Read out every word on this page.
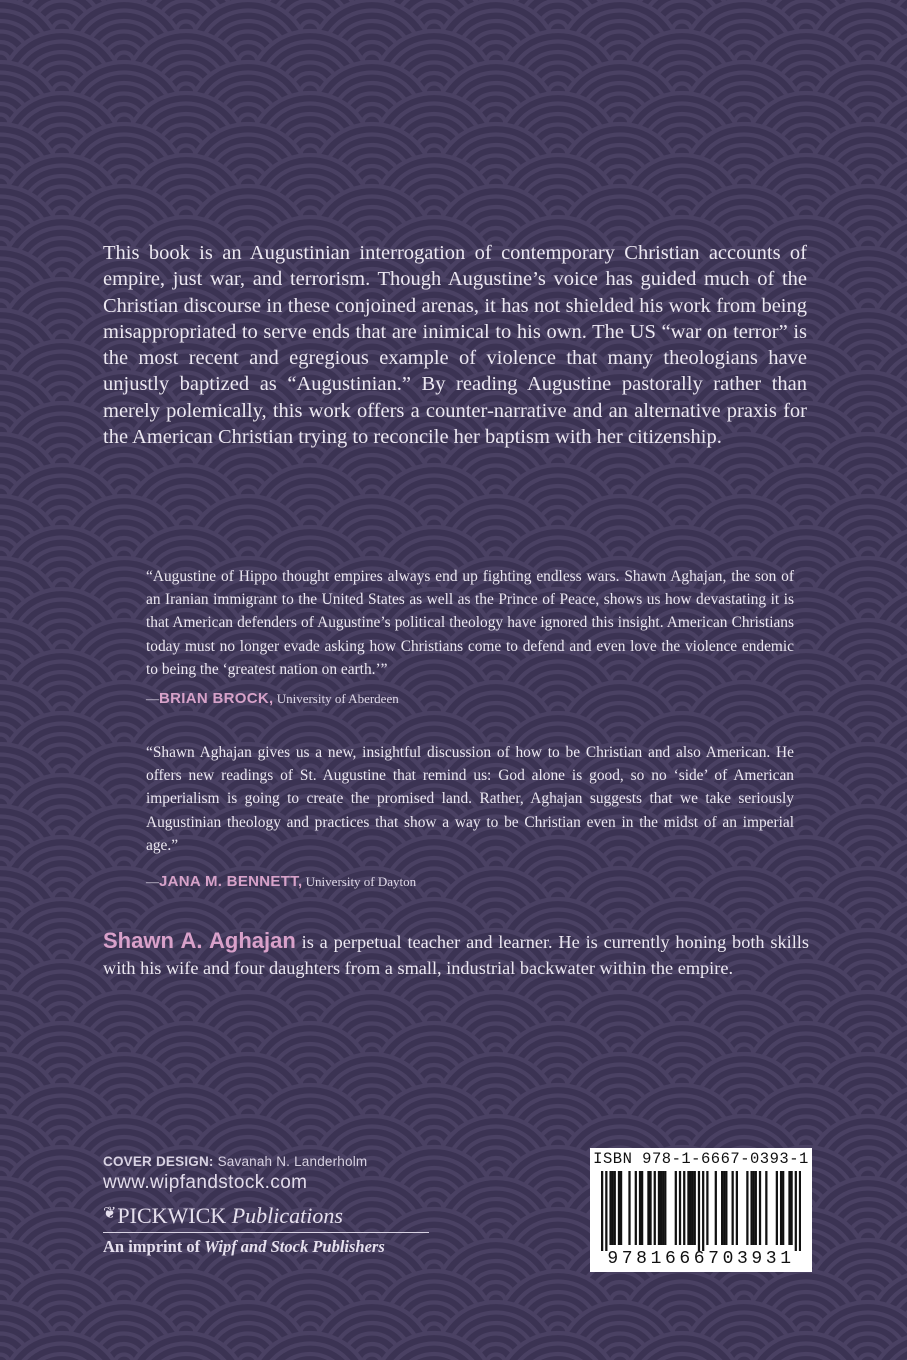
This book is an Augustinian interrogation of contemporary Christian accounts of empire, just war, and terrorism. Though Augustine’s voice has guided much of the Christian discourse in these conjoined arenas, it has not shielded his work from being misappropriated to serve ends that are inimical to his own. The US “war on terror” is the most recent and egregious example of violence that many theologians have unjustly baptized as “Augustinian.” By reading Augustine pastorally rather than merely polemically, this work offers a counter-narrative and an alternative praxis for the American Christian trying to reconcile her baptism with her citizenship.

“Augustine of Hippo thought empires always end up fighting endless wars. Shawn Aghajan, the son of an Iranian immigrant to the United States as well as the Prince of Peace, shows us how devastating it is that American defenders of Augustine’s political theology have ignored this insight. American Christians today must no longer evade asking how Christians come to defend and even love the violence endemic to being the ‘greatest nation on earth.’”

—BRIAN BROCK, University of Aberdeen

“Shawn Aghajan gives us a new, insightful discussion of how to be Christian and also American. He offers new readings of St. Augustine that remind us: God alone is good, so no ‘side’ of American imperialism is going to create the promised land. Rather, Aghajan suggests that we take seriously Augustinian theology and practices that show a way to be Christian even in the midst of an imperial age.”

—JANA M. BENNETT, University of Dayton

Shawn A. Aghajan is a perpetual teacher and learner. He is currently honing both skills with his wife and four daughters from a small, industrial backwater within the empire.

COVER DESIGN: Savanah N. Landerholm
www.wipfandstock.com
❦PICKWICK Publications
An imprint of Wipf and Stock Publishers
ISBN 978-1-6667-0393-1
9781666703931
